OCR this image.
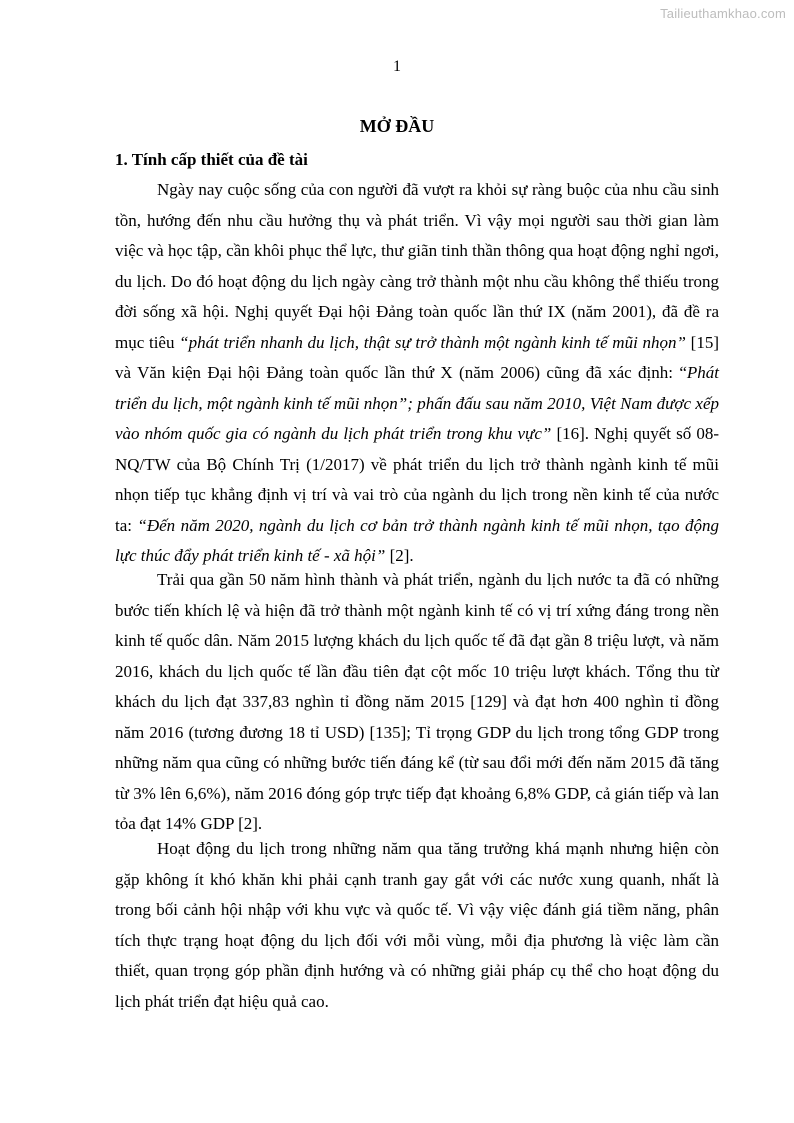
Tailieuthamkhao.com
1
MỞ ĐẦU
1. Tính cấp thiết của đề tài

Ngày nay cuộc sống của con người đã vượt ra khỏi sự ràng buộc của nhu cầu sinh tồn, hướng đến nhu cầu hưởng thụ và phát triển. Vì vậy mọi người sau thời gian làm việc và học tập, cần khôi phục thể lực, thư giãn tinh thần thông qua hoạt động nghỉ ngơi, du lịch. Do đó hoạt động du lịch ngày càng trở thành một nhu cầu không thể thiếu trong đời sống xã hội. Nghị quyết Đại hội Đảng toàn quốc lần thứ IX (năm 2001), đã đề ra mục tiêu “phát triển nhanh du lịch, thật sự trở thành một ngành kinh tế mũi nhọn” [15] và Văn kiện Đại hội Đảng toàn quốc lần thứ X (năm 2006) cũng đã xác định: “Phát triển du lịch, một ngành kinh tế mũi nhọn”; phấn đấu sau năm 2010, Việt Nam được xếp vào nhóm quốc gia có ngành du lịch phát triển trong khu vực” [16]. Nghị quyết số 08-NQ/TW của Bộ Chính Trị (1/2017) về phát triển du lịch trở thành ngành kinh tế mũi nhọn tiếp tục khẳng định vị trí và vai trò của ngành du lịch trong nền kinh tế của nước ta: “Đến năm 2020, ngành du lịch cơ bản trở thành ngành kinh tế mũi nhọn, tạo động lực thúc đẩy phát triển kinh tế - xã hội” [2].

Trải qua gần 50 năm hình thành và phát triển, ngành du lịch nước ta đã có những bước tiến khích lệ và hiện đã trở thành một ngành kinh tế có vị trí xứng đáng trong nền kinh tế quốc dân. Năm 2015 lượng khách du lịch quốc tế đã đạt gần 8 triệu lượt, và năm 2016, khách du lịch quốc tế lần đầu tiên đạt cột mốc 10 triệu lượt khách. Tổng thu từ khách du lịch đạt 337,83 nghìn tỉ đồng năm 2015 [129] và đạt hơn 400 nghìn tỉ đồng năm 2016 (tương đương 18 tỉ USD) [135]; Tỉ trọng GDP du lịch trong tổng GDP trong những năm qua cũng có những bước tiến đáng kể (từ sau đổi mới đến năm 2015 đã tăng từ 3% lên 6,6%), năm 2016 đóng góp trực tiếp đạt khoảng 6,8% GDP, cả gián tiếp và lan tỏa đạt 14% GDP [2].

Hoạt động du lịch trong những năm qua tăng trưởng khá mạnh nhưng hiện còn gặp không ít khó khăn khi phải cạnh tranh gay gắt với các nước xung quanh, nhất là trong bối cảnh hội nhập với khu vực và quốc tế. Vì vậy việc đánh giá tiềm năng, phân tích thực trạng hoạt động du lịch đối với mỗi vùng, mỗi địa phương là việc làm cần thiết, quan trọng góp phần định hướng và có những giải pháp cụ thể cho hoạt động du lịch phát triển đạt hiệu quả cao.
